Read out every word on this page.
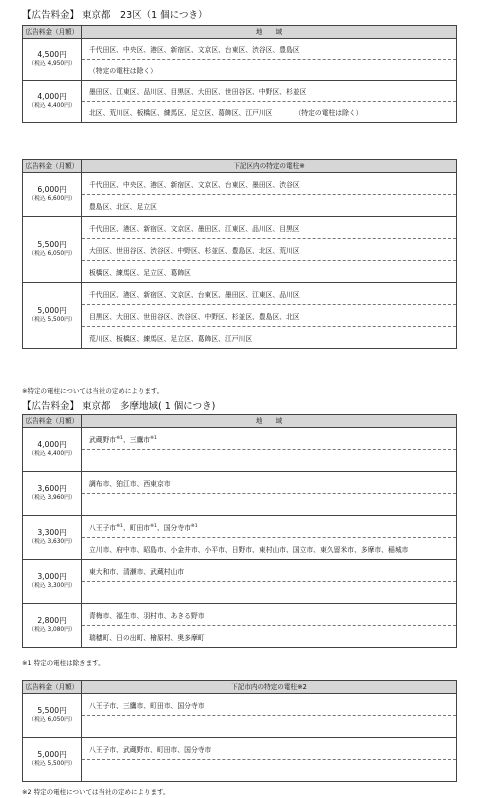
【広告料金】 東京都　23区（1 個につき）
広告料金（月額）	地　　域

4,500円
（税込 4,950円）	千代田区、中央区、港区、新宿区、文京区、台東区、渋谷区、豊島区
	（特定の電柱は除く）

4,000円
（税込 4,400円）	墨田区、江東区、品川区、目黒区、大田区、世田谷区、中野区、杉並区
	北区、荒川区、板橋区、練馬区、足立区、葛飾区、江戸川区 （特定の電柱は除く）
広告料金（月額）	下記区内の特定の電柱※

6,000円
（税込 6,600円）	千代田区、中央区、港区、新宿区、文京区、台東区、墨田区、渋谷区
	豊島区、北区、足立区

5,500円
（税込 6,050円）	千代田区、港区、新宿区、文京区、墨田区、江東区、品川区、目黒区
	大田区、世田谷区、渋谷区、中野区、杉並区、豊島区、北区、荒川区
	板橋区、練馬区、足立区、葛飾区

5,000円
（税込 5,500円）	千代田区、港区、新宿区、文京区、台東区、墨田区、江東区、品川区
	目黒区、大田区、世田谷区、渋谷区、中野区、杉並区、豊島区、北区
	荒川区、板橋区、練馬区、足立区、葛飾区、江戸川区
※特定の電柱については当社の定めによります。
【広告料金】 東京都　多摩地域( 1 個につき)
広告料金（月額）	地　　域

4,000円
（税込 4,400円）	武蔵野市$^{※1}$、三鷹市$^{※1}$

3,600円
（税込 3,960円）	調布市、狛江市、西東京市

3,300円
（税込 3,630円）	八王子市$^{※1}$、町田市$^{※1}$、国分寺市$^{※1}$
	立川市、府中市、昭島市、小金井市、小平市、日野市、東村山市、国立市、東久留米市、多摩市、稲城市

3,000円
（税込 3,300円）	東大和市、清瀬市、武蔵村山市

2,800円
（税込 3,080円）	青梅市、福生市、羽村市、あきる野市
	瑞穂町、日の出町、檜原村、奥多摩町
※1 特定の電柱は除きます。
広告料金（月額）	下記市内の特定の電柱※2

5,500円
（税込 6,050円）	八王子市、三鷹市、町田市、国分寺市

5,000円
（税込 5,500円）	八王子市、武蔵野市、町田市、国分寺市

※2 特定の電柱については当社の定めによります。
